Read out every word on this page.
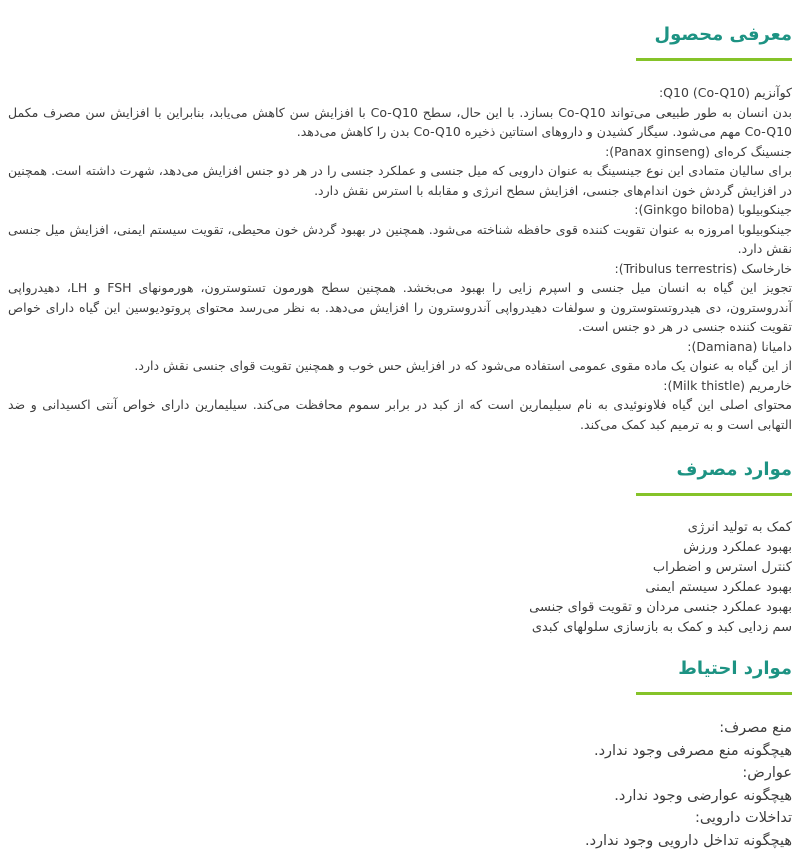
معرفی محصول
کوآنزیم Q10 (Co-Q10):

بدن انسان به طور طبیعی می‌تواند Co-Q10 بسازد. با این حال، سطح Co-Q10 با افزایش سن کاهش می‌یابد، بنابراین با افزایش سن مصرف مکمل Co-Q10 مهم می‌شود. سیگار کشیدن و داروهای استاتین ذخیره Co-Q10 بدن را کاهش می‌دهد.

جنسینگ کره‌ای (Panax ginseng):

برای سالیان متمادی این نوع جینسینگ به عنوان دارویی که میل جنسی و عملکرد جنسی را در هر دو جنس افزایش می‌دهد، شهرت داشته است. همچنین در افزایش گردش خون اندام‌های جنسی، افزایش سطح انرژی و مقابله با استرس نقش دارد.

جینکوبیلوبا (Ginkgo biloba):

جینکوبیلوبا امروزه به عنوان تقویت کننده قوی حافظه شناخته می‌شود. همچنین در بهبود گردش خون محیطی، تقویت سیستم ایمنی، افزایش میل جنسی نقش دارد.

خارخاسک (Tribulus terrestris):

تجویز این گیاه به انسان میل جنسی و اسپرم زایی را بهبود می‌بخشد. همچنین سطح هورمون تستوسترون، هورمونهای FSH و LH، دهیدرواپی آندروسترون، دی هیدروتستوسترون و سولفات دهیدرواپی آندروسترون را افزایش می‌دهد. به نظر می‌رسد محتوای پروتودیوسین این گیاه دارای خواص تقویت کننده جنسی در هر دو جنس است.

دامیانا (Damiana):

از این گیاه به عنوان یک ماده مقوی عمومی استفاده می‌شود که در افزایش حس خوب و همچنین تقویت قوای جنسی نقش دارد.

خارمریم (Milk thistle):

محتوای اصلی این گیاه فلاونوئیدی به نام سیلیمارین است که از کبد در برابر سموم محافظت می‌کند. سیلیمارین دارای خواص آنتی اکسیدانی و ضد التهابی است و به ترمیم کبد کمک می‌کند.

موارد مصرف
کمک به تولید انرژی
بهبود عملکرد ورزش
کنترل استرس و اضطراب
بهبود عملکرد سیستم ایمنی
بهبود عملکرد جنسی مردان و تقویت قوای جنسی
سم زدایی کبد و کمک به بازسازی سلولهای کبدی
موارد احتیاط
منع مصرف:
هیچگونه منع مصرفی وجود ندارد.
عوارض:
هیچگونه عوارضی وجود ندارد.
تداخلات دارویی:
هیچگونه تداخل دارویی وجود ندارد.
